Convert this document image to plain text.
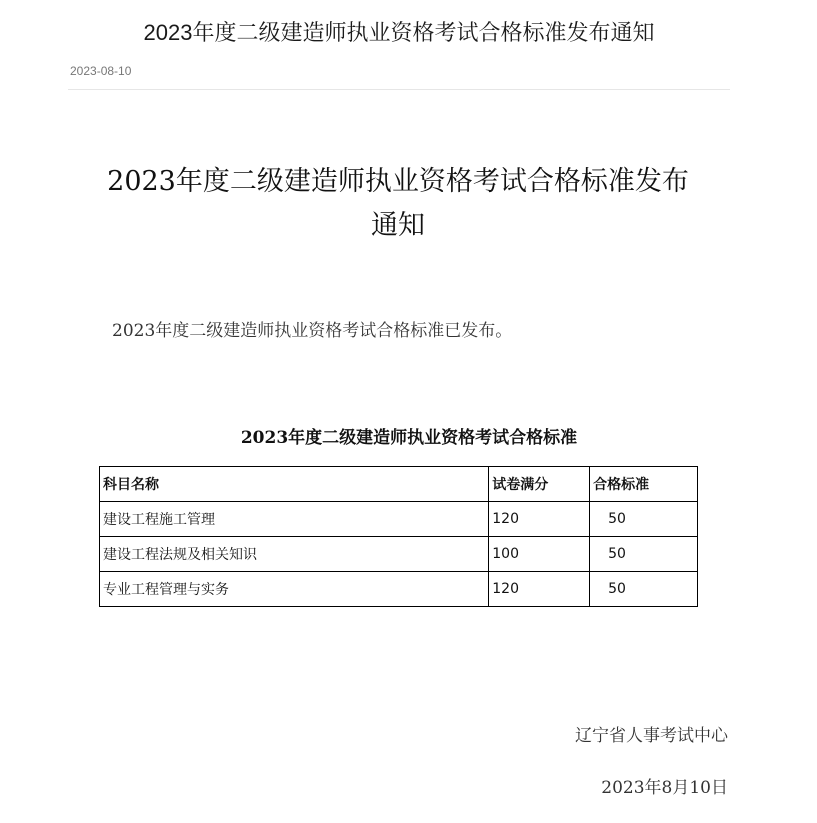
2023年度二级建造师执业资格考试合格标准发布通知
2023-08-10
2023年度二级建造师执业资格考试合格标准发布
通知
2023年度二级建造师执业资格考试合格标准已发布。
2023年度二级建造师执业资格考试合格标准
科目名称	试卷满分	合格标准
建设工程施工管理	120	50
建设工程法规及相关知识	100	50
专业工程管理与实务	120	50
辽宁省人事考试中心
2023年8月10日
